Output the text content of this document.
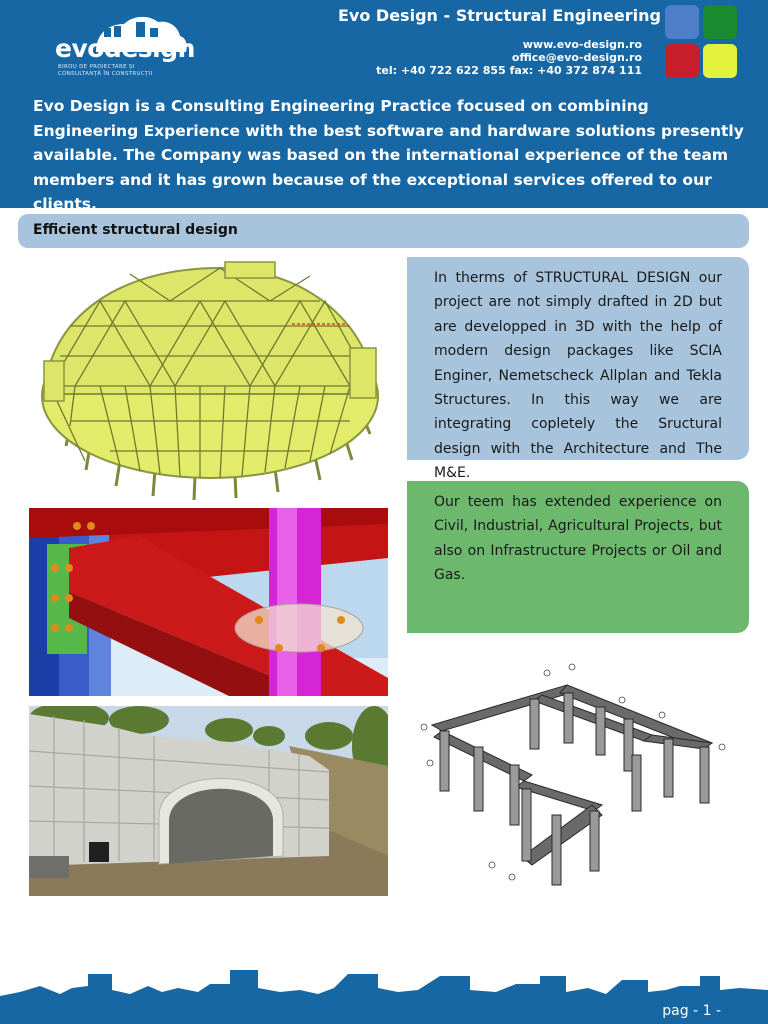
evodesign
BIROU DE PROIECTARE ȘI
CONSULTANȚĂ ÎN CONSTRUCȚII
Evo Design - Structural Engineering
www.evo-design.ro
office@evo-design.ro
tel: +40 722 622 855 fax: +40 372 874 111
Evo Design is a Consulting Engineering Practice focused on combining Engineering Experience with the best software and hardware solutions presently available. The Company was based on the international experience of the team members and it has grown because of the exceptional services offered to our clients.
Efficient structural design
In therms of STRUCTURAL DESIGN our project are not simply drafted in 2D but are developped in 3D with the help of modern design packages like SCIA Enginer, Nemetscheck Allplan and Tekla Structures. In this way we are integrating copletely the Sructural design with the Architecture and The M&E.
Our teem has extended experience on Civil, Industrial, Agricultural Projects, but also on Infrastructure Projects or Oil and Gas.
pag - 1 -
